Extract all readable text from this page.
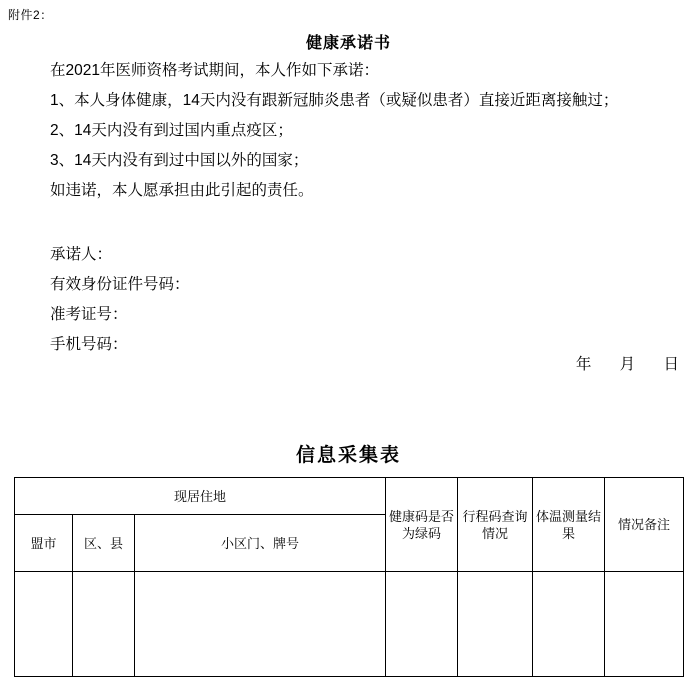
附件2：
健康承诺书
在2021年医师资格考试期间，本人作如下承诺：
1、本人身体健康，14天内没有跟新冠肺炎患者（或疑似患者）直接近距离接触过；
2、14天内没有到过国内重点疫区；
3、14天内没有到过中国以外的国家；
如违诺，本人愿承担由此引起的责任。
承诺人：
有效身份证件号码：
准考证号：
手机号码：
年 月 日
信息采集表
现居住地			健康码是否为绿码	行程码查询情况	体温测量结果	情况备注
盟市	区、县	小区门、牌号				
